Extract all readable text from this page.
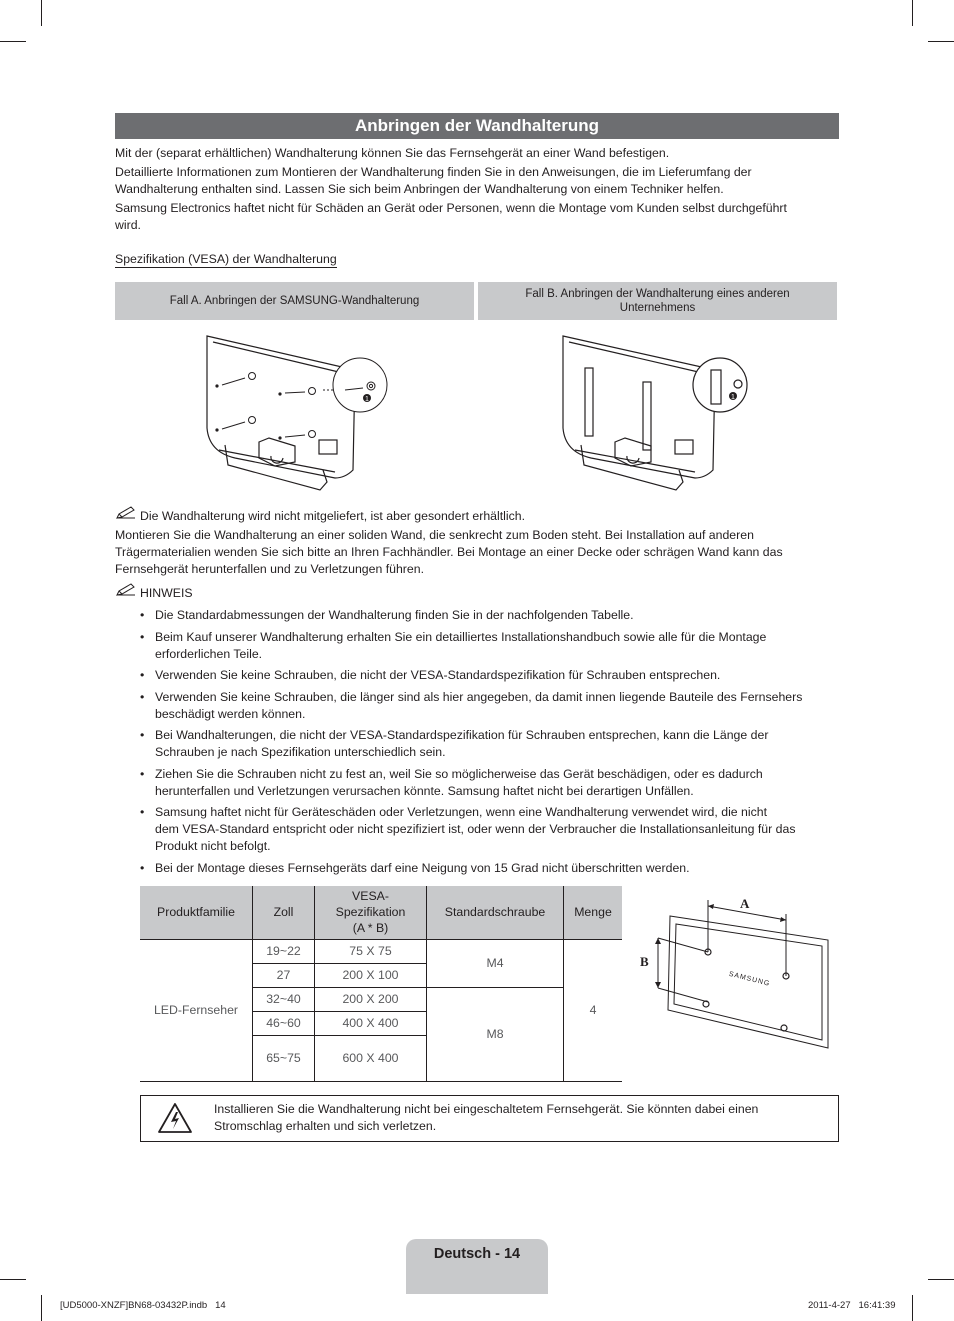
Anbringen der Wandhalterung
Mit der (separat erhältlichen) Wandhalterung können Sie das Fernsehgerät an einer Wand befestigen.
Detaillierte Informationen zum Montieren der Wandhalterung finden Sie in den Anweisungen, die im Lieferumfang der
Wandhalterung enthalten sind. Lassen Sie sich beim Anbringen der Wandhalterung von einem Techniker helfen.
Samsung Electronics haftet nicht für Schäden an Gerät oder Personen, wenn die Montage vom Kunden selbst durchgeführt
wird.
Spezifikation (VESA) der Wandhalterung
Fall A. Anbringen der SAMSUNG-Wandhalterung
Fall B. Anbringen der Wandhalterung eines anderen Unternehmens
1	1
Die Wandhalterung wird nicht mitgeliefert, ist aber gesondert erhältlich.
Montieren Sie die Wandhalterung an einer soliden Wand, die senkrecht zum Boden steht. Bei Installation auf anderen
Trägermaterialien wenden Sie sich bitte an Ihren Fachhändler. Bei Montage an einer Decke oder schrägen Wand kann das
Fernsehgerät herunterfallen und zu Verletzungen führen.
HINWEIS
• Die Standardabmessungen der Wandhalterung finden Sie in der nachfolgenden Tabelle.
• Beim Kauf unserer Wandhalterung erhalten Sie ein detailliertes Installationshandbuch sowie alle für die Montage
erforderlichen Teile.
• Verwenden Sie keine Schrauben, die nicht der VESA-Standardspezifikation für Schrauben entsprechen.
• Verwenden Sie keine Schrauben, die länger sind als hier angegeben, da damit innen liegende Bauteile des Fernsehers
beschädigt werden können.
• Bei Wandhalterungen, die nicht der VESA-Standardspezifikation für Schrauben entsprechen, kann die Länge der
Schrauben je nach Spezifikation unterschiedlich sein.
• Ziehen Sie die Schrauben nicht zu fest an, weil Sie so möglicherweise das Gerät beschädigen, oder es dadurch
herunterfallen und Verletzungen verursachen könnte. Samsung haftet nicht bei derartigen Unfällen.
• Samsung haftet nicht für Geräteschäden oder Verletzungen, wenn eine Wandhalterung verwendet wird, die nicht
dem VESA-Standard entspricht oder nicht spezifiziert ist, oder wenn der Verbraucher die Installationsanleitung für das
Produkt nicht befolgt.
• Bei der Montage dieses Fernsehgeräts darf eine Neigung von 15 Grad nicht überschritten werden.
Produktfamilie	Zoll	VESA-
Spezifikation
(A * B)	Standardschraube	Menge
LED-Fernseher	19~22	75 X 75	M4	4
	27	200 X 100		
	32~40	200 X 200	M8	
	46~60	400 X 400		
	65~75	600 X 400		
A
B
SAMSUNG
Installieren Sie die Wandhalterung nicht bei eingeschaltetem Fernsehgerät. Sie könnten dabei einen
Stromschlag erhalten und sich verletzen.
Deutsch - 14
[UD5000-XNZF]BN68-03432P.indb   14	2011-4-27   16:41:39
